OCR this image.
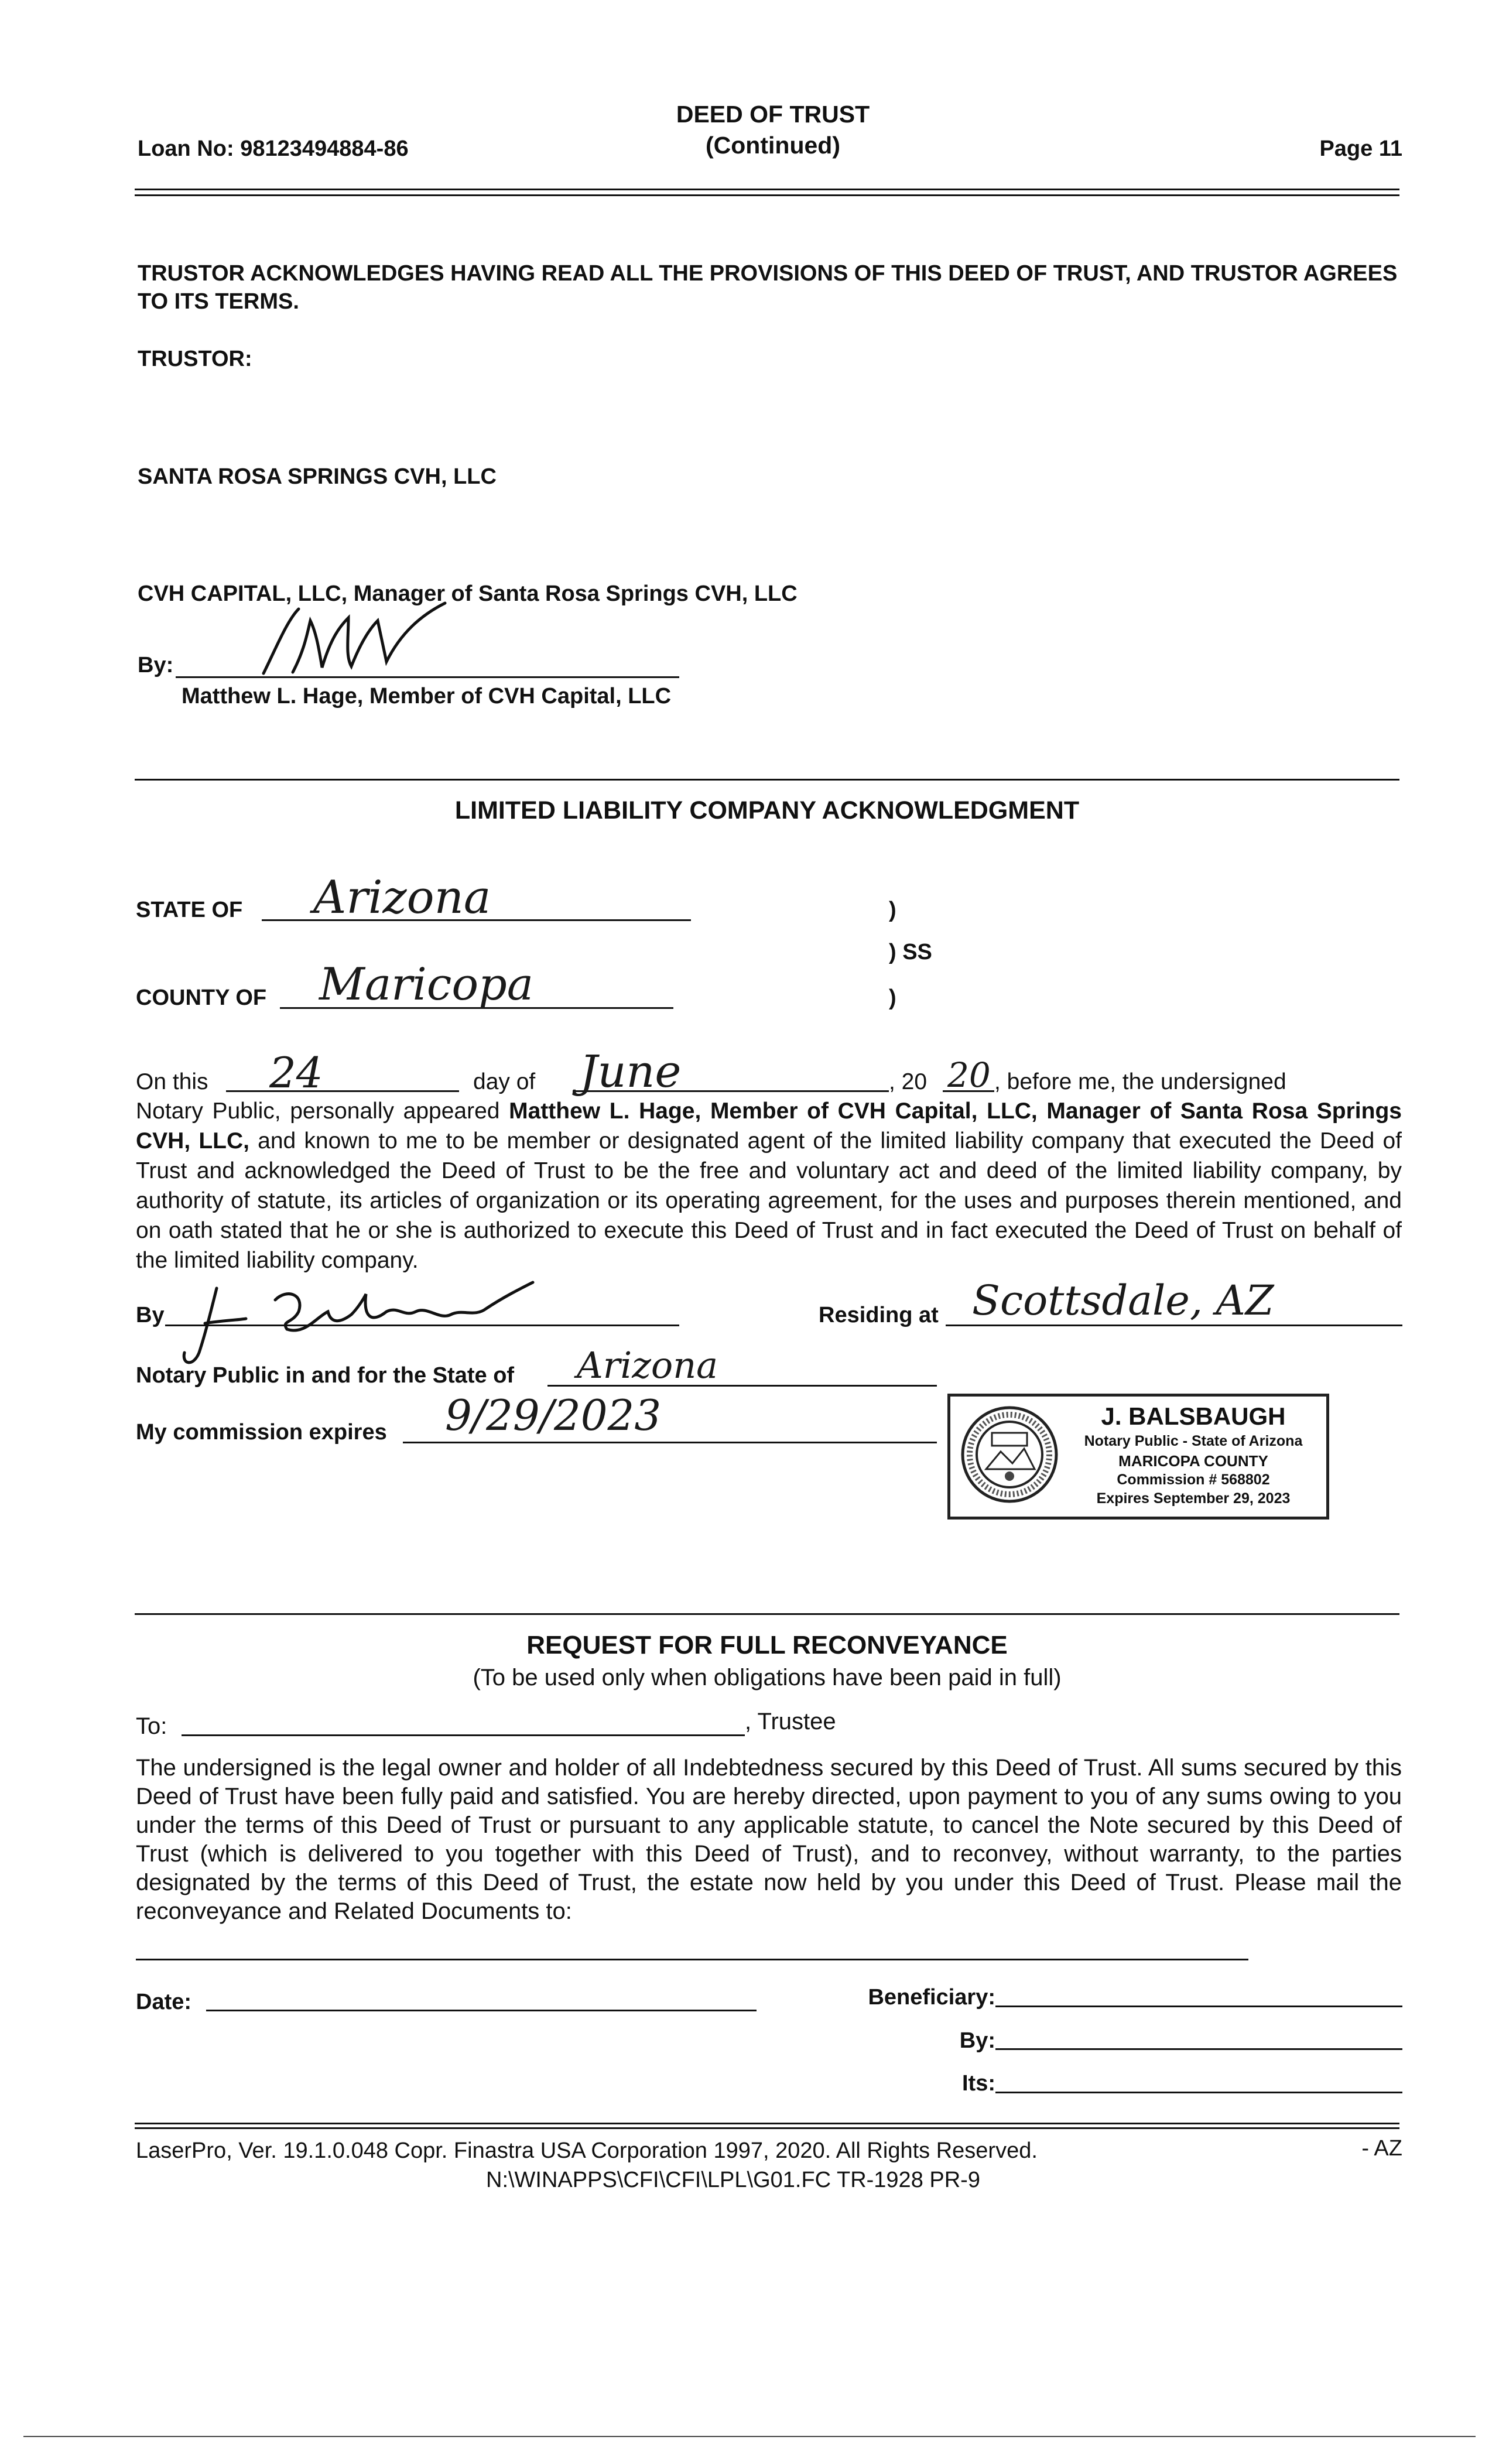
Loan No: 98123494884-86
DEED OF TRUST
(Continued)	Page 11
TRUSTOR ACKNOWLEDGES HAVING READ ALL THE PROVISIONS OF THIS DEED OF TRUST, AND TRUSTOR AGREES TO ITS TERMS.
TRUSTOR:
SANTA ROSA SPRINGS CVH, LLC
CVH CAPITAL, LLC, Manager of Santa Rosa Springs CVH, LLC
By:
Matthew L. Hage, Member of CVH Capital, LLC
LIMITED LIABILITY COMPANY ACKNOWLEDGMENT
STATE OF Arizona	)
) SS
)
COUNTY OF Maricopa
On this 24	day of June	, 20 20 , before me, the undersigned
Notary Public, personally appeared Matthew L. Hage, Member of CVH Capital, LLC, Manager of Santa Rosa Springs CVH, LLC, and known to me to be member or designated agent of the limited liability company that executed the Deed of Trust and acknowledged the Deed of Trust to be the free and voluntary act and deed of the limited liability company, by authority of statute, its articles of organization or its operating agreement, for the uses and purposes therein mentioned, and on oath stated that he or she is authorized to execute this Deed of Trust and in fact executed the Deed of Trust on behalf of the limited liability company.
By	Residing at Scottsdale, AZ
Notary Public in and for the State of Arizona
My commission expires 9/29/2023	J. BALSBAUGH
Notary Public - State of Arizona
MARICOPA COUNTY
Commission # 568802
Expires September 29, 2023
REQUEST FOR FULL RECONVEYANCE
(To be used only when obligations have been paid in full)
To:	, Trustee
The undersigned is the legal owner and holder of all Indebtedness secured by this Deed of Trust. All sums secured by this Deed of Trust have been fully paid and satisfied. You are hereby directed, upon payment to you of any sums owing to you under the terms of this Deed of Trust or pursuant to any applicable statute, to cancel the Note secured by this Deed of Trust (which is delivered to you together with this Deed of Trust), and to reconvey, without warranty, to the parties designated by the terms of this Deed of Trust, the estate now held by you under this Deed of Trust. Please mail the reconveyance and Related Documents to:
Date:	Beneficiary:
By:
Its:
LaserPro, Ver. 19.1.0.048 Copr. Finastra USA Corporation 1997, 2020. All Rights Reserved.	- AZ
N:\WINAPPS\CFI\CFI\LPL\G01.FC TR-1928 PR-9
